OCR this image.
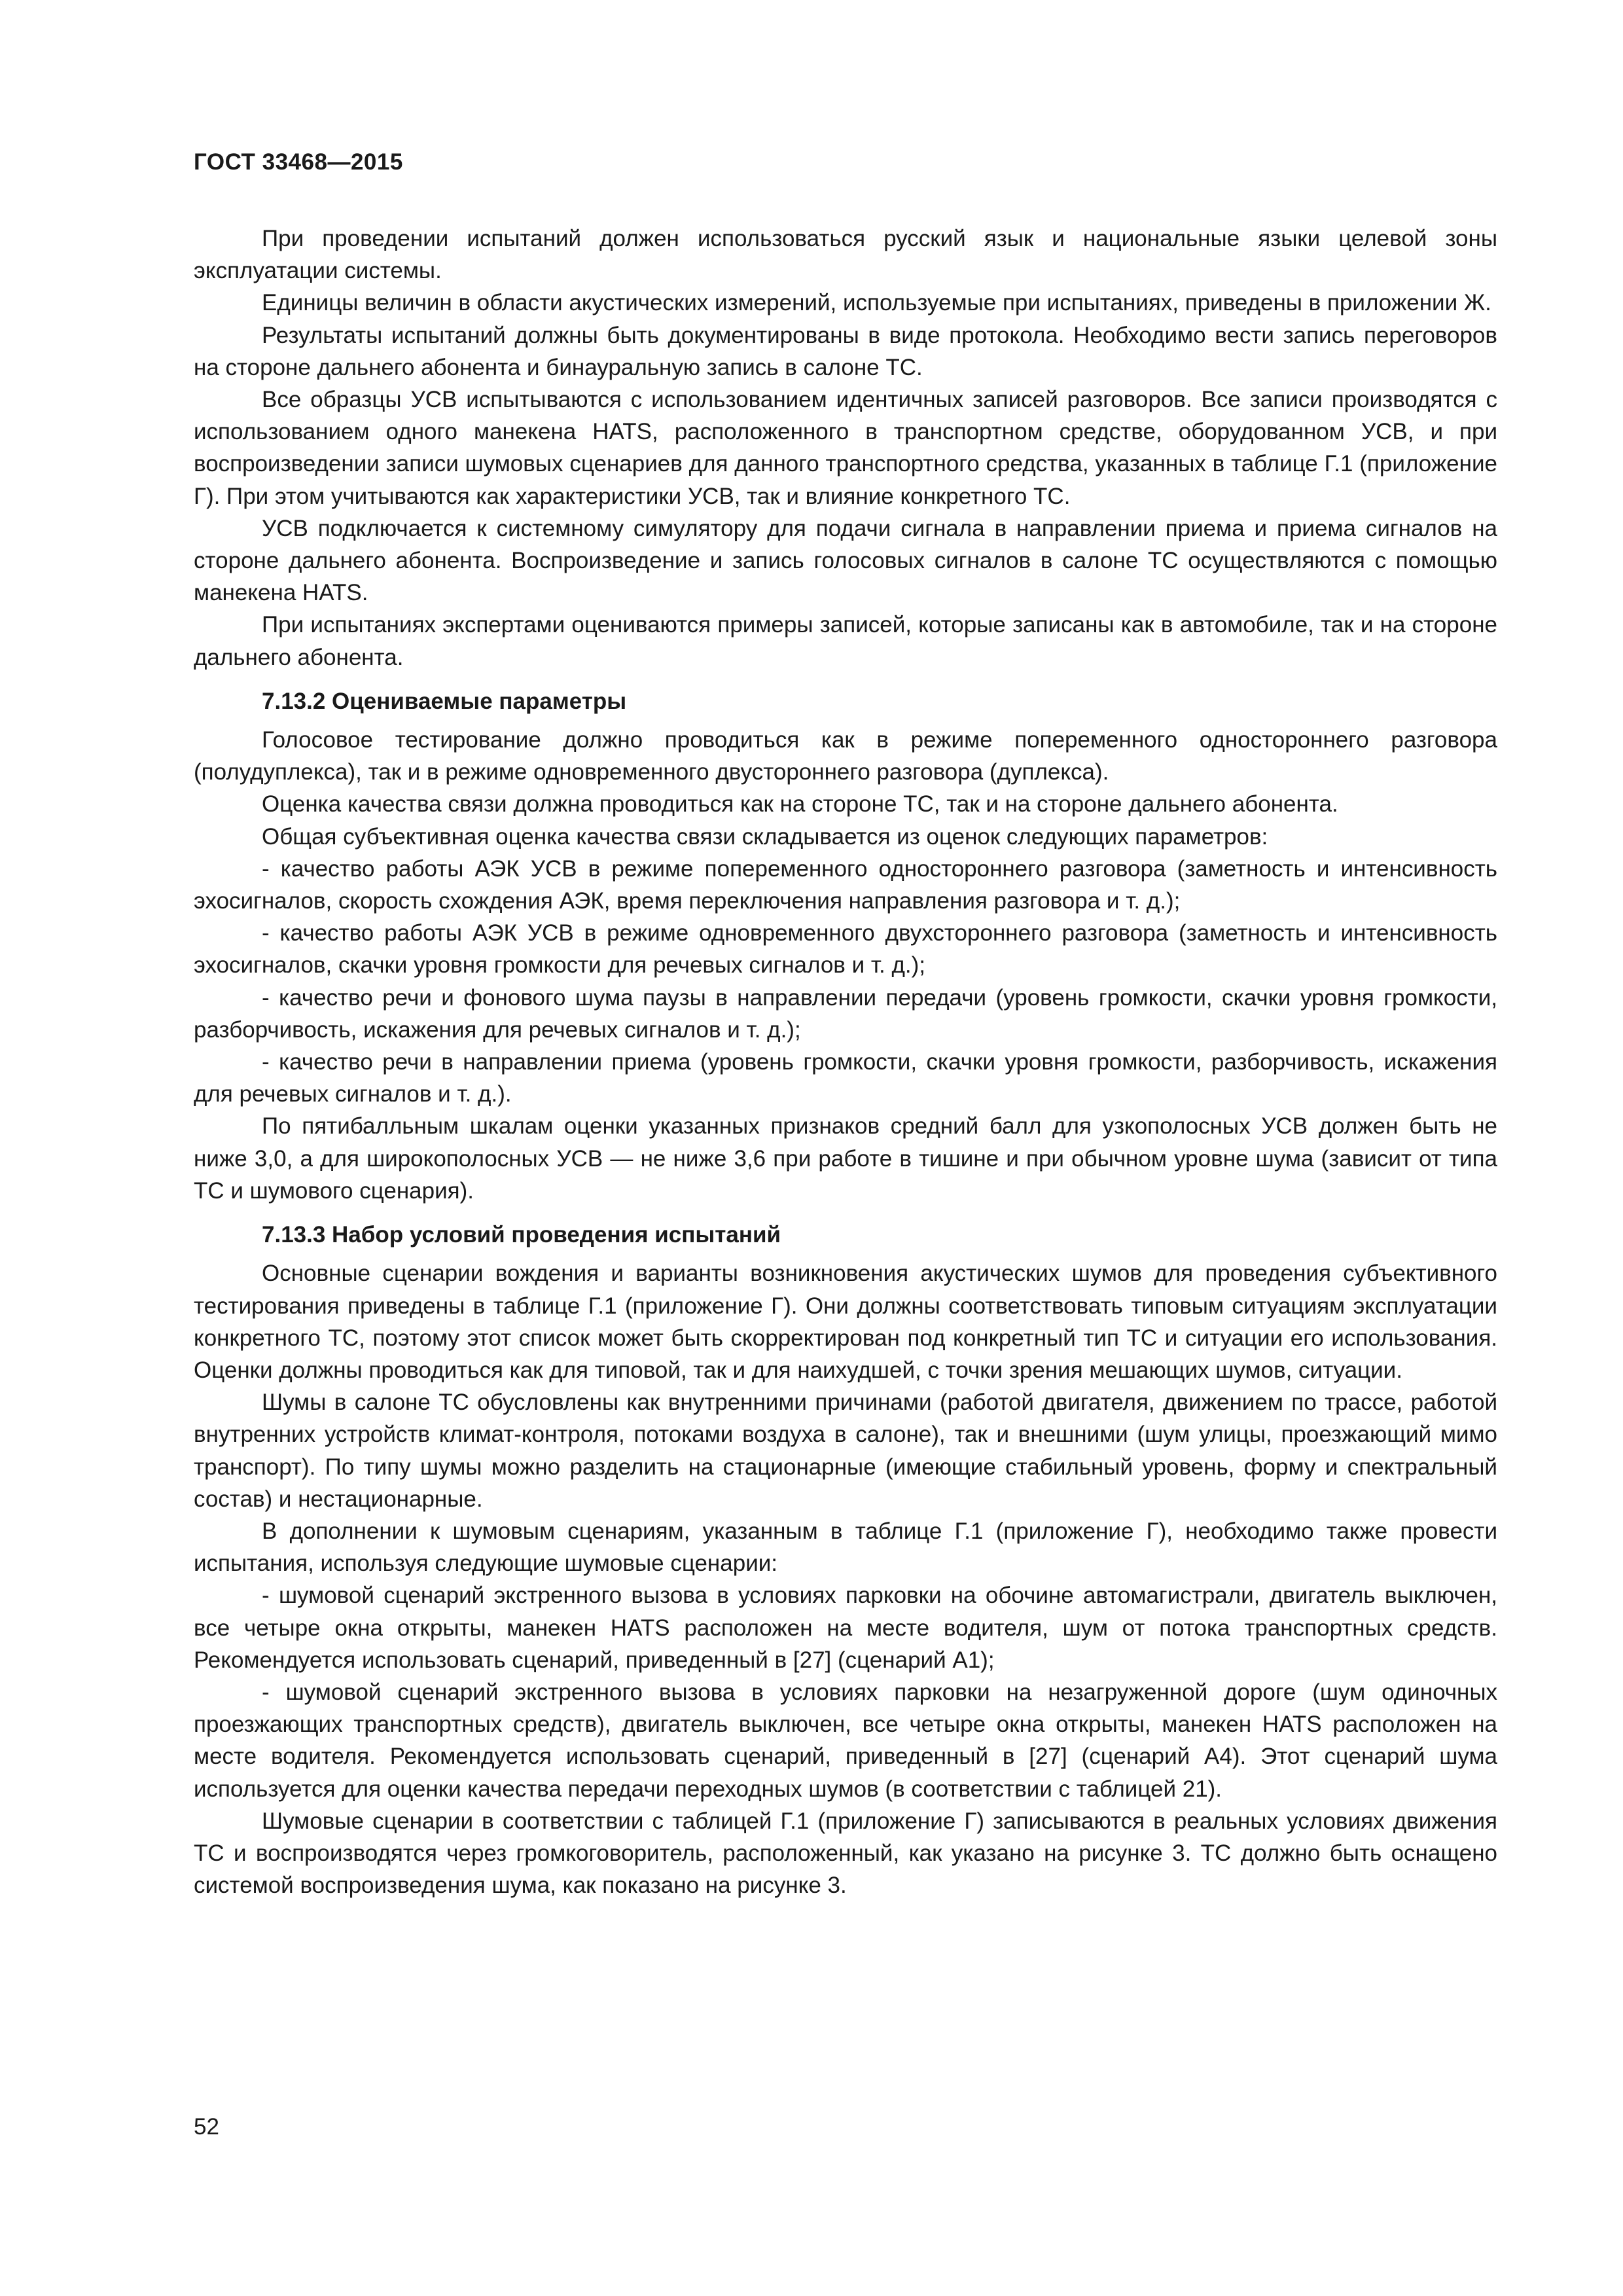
ГОСТ 33468—2015

При проведении испытаний должен использоваться русский язык и национальные языки целевой зоны эксплуатации системы.

Единицы величин в области акустических измерений, используемые при испытаниях, приведены в приложении Ж.

Результаты испытаний должны быть документированы в виде протокола. Необходимо вести запись переговоров на стороне дальнего абонента и бинауральную запись в салоне ТС.

Все образцы УСВ испытываются с использованием идентичных записей разговоров. Все записи производятся с использованием одного манекена HATS, расположенного в транспортном средстве, оборудованном УСВ, и при воспроизведении записи шумовых сценариев для данного транспортного средства, указанных в таблице Г.1 (приложение Г). При этом учитываются как характеристики УСВ, так и влияние конкретного ТС.

УСВ подключается к системному симулятору для подачи сигнала в направлении приема и приема сигналов на стороне дальнего абонента. Воспроизведение и запись голосовых сигналов в салоне ТС осуществляются с помощью манекена HATS.

При испытаниях экспертами оцениваются примеры записей, которые записаны как в автомобиле, так и на стороне дальнего абонента.

7.13.2 Оцениваемые параметры

Голосовое тестирование должно проводиться как в режиме попеременного одностороннего разговора (полудуплекса), так и в режиме одновременного двустороннего разговора (дуплекса).

Оценка качества связи должна проводиться как на стороне ТС, так и на стороне дальнего абонента.

Общая субъективная оценка качества связи складывается из оценок следующих параметров:

- качество работы АЭК УСВ в режиме попеременного одностороннего разговора (заметность и интенсивность эхосигналов, скорость схождения АЭК, время переключения направления разговора и т. д.);

- качество работы АЭК УСВ в режиме одновременного двухстороннего разговора (заметность и интенсивность эхосигналов, скачки уровня громкости для речевых сигналов и т. д.);

- качество речи и фонового шума паузы в направлении передачи (уровень громкости, скачки уровня громкости, разборчивость, искажения для речевых сигналов и т. д.);

- качество речи в направлении приема (уровень громкости, скачки уровня громкости, разборчивость, искажения для речевых сигналов и т. д.).

По пятибалльным шкалам оценки указанных признаков средний балл для узкополосных УСВ должен быть не ниже 3,0, а для широкополосных УСВ — не ниже 3,6 при работе в тишине и при обычном уровне шума (зависит от типа ТС и шумового сценария).

7.13.3 Набор условий проведения испытаний

Основные сценарии вождения и варианты возникновения акустических шумов для проведения субъективного тестирования приведены в таблице Г.1 (приложение Г). Они должны соответствовать типовым ситуациям эксплуатации конкретного ТС, поэтому этот список может быть скорректирован под конкретный тип ТС и ситуации его использования. Оценки должны проводиться как для типовой, так и для наихудшей, с точки зрения мешающих шумов, ситуации.

Шумы в салоне ТС обусловлены как внутренними причинами (работой двигателя, движением по трассе, работой внутренних устройств климат-контроля, потоками воздуха в салоне), так и внешними (шум улицы, проезжающий мимо транспорт). По типу шумы можно разделить на стационарные (имеющие стабильный уровень, форму и спектральный состав) и нестационарные.

В дополнении к шумовым сценариям, указанным в таблице Г.1 (приложение Г), необходимо также провести испытания, используя следующие шумовые сценарии:

- шумовой сценарий экстренного вызова в условиях парковки на обочине автомагистрали, двигатель выключен, все четыре окна открыты, манекен HATS расположен на месте водителя, шум от потока транспортных средств. Рекомендуется использовать сценарий, приведенный в [27] (сценарий А1);

- шумовой сценарий экстренного вызова в условиях парковки на незагруженной дороге (шум одиночных проезжающих транспортных средств), двигатель выключен, все четыре окна открыты, манекен HATS расположен на месте водителя. Рекомендуется использовать сценарий, приведенный в [27] (сценарий А4). Этот сценарий шума используется для оценки качества передачи переходных шумов (в соответствии с таблицей 21).

Шумовые сценарии в соответствии с таблицей Г.1 (приложение Г) записываются в реальных условиях движения ТС и воспроизводятся через громкоговоритель, расположенный, как указано на рисунке 3. ТС должно быть оснащено системой воспроизведения шума, как показано на рисунке 3.

52
